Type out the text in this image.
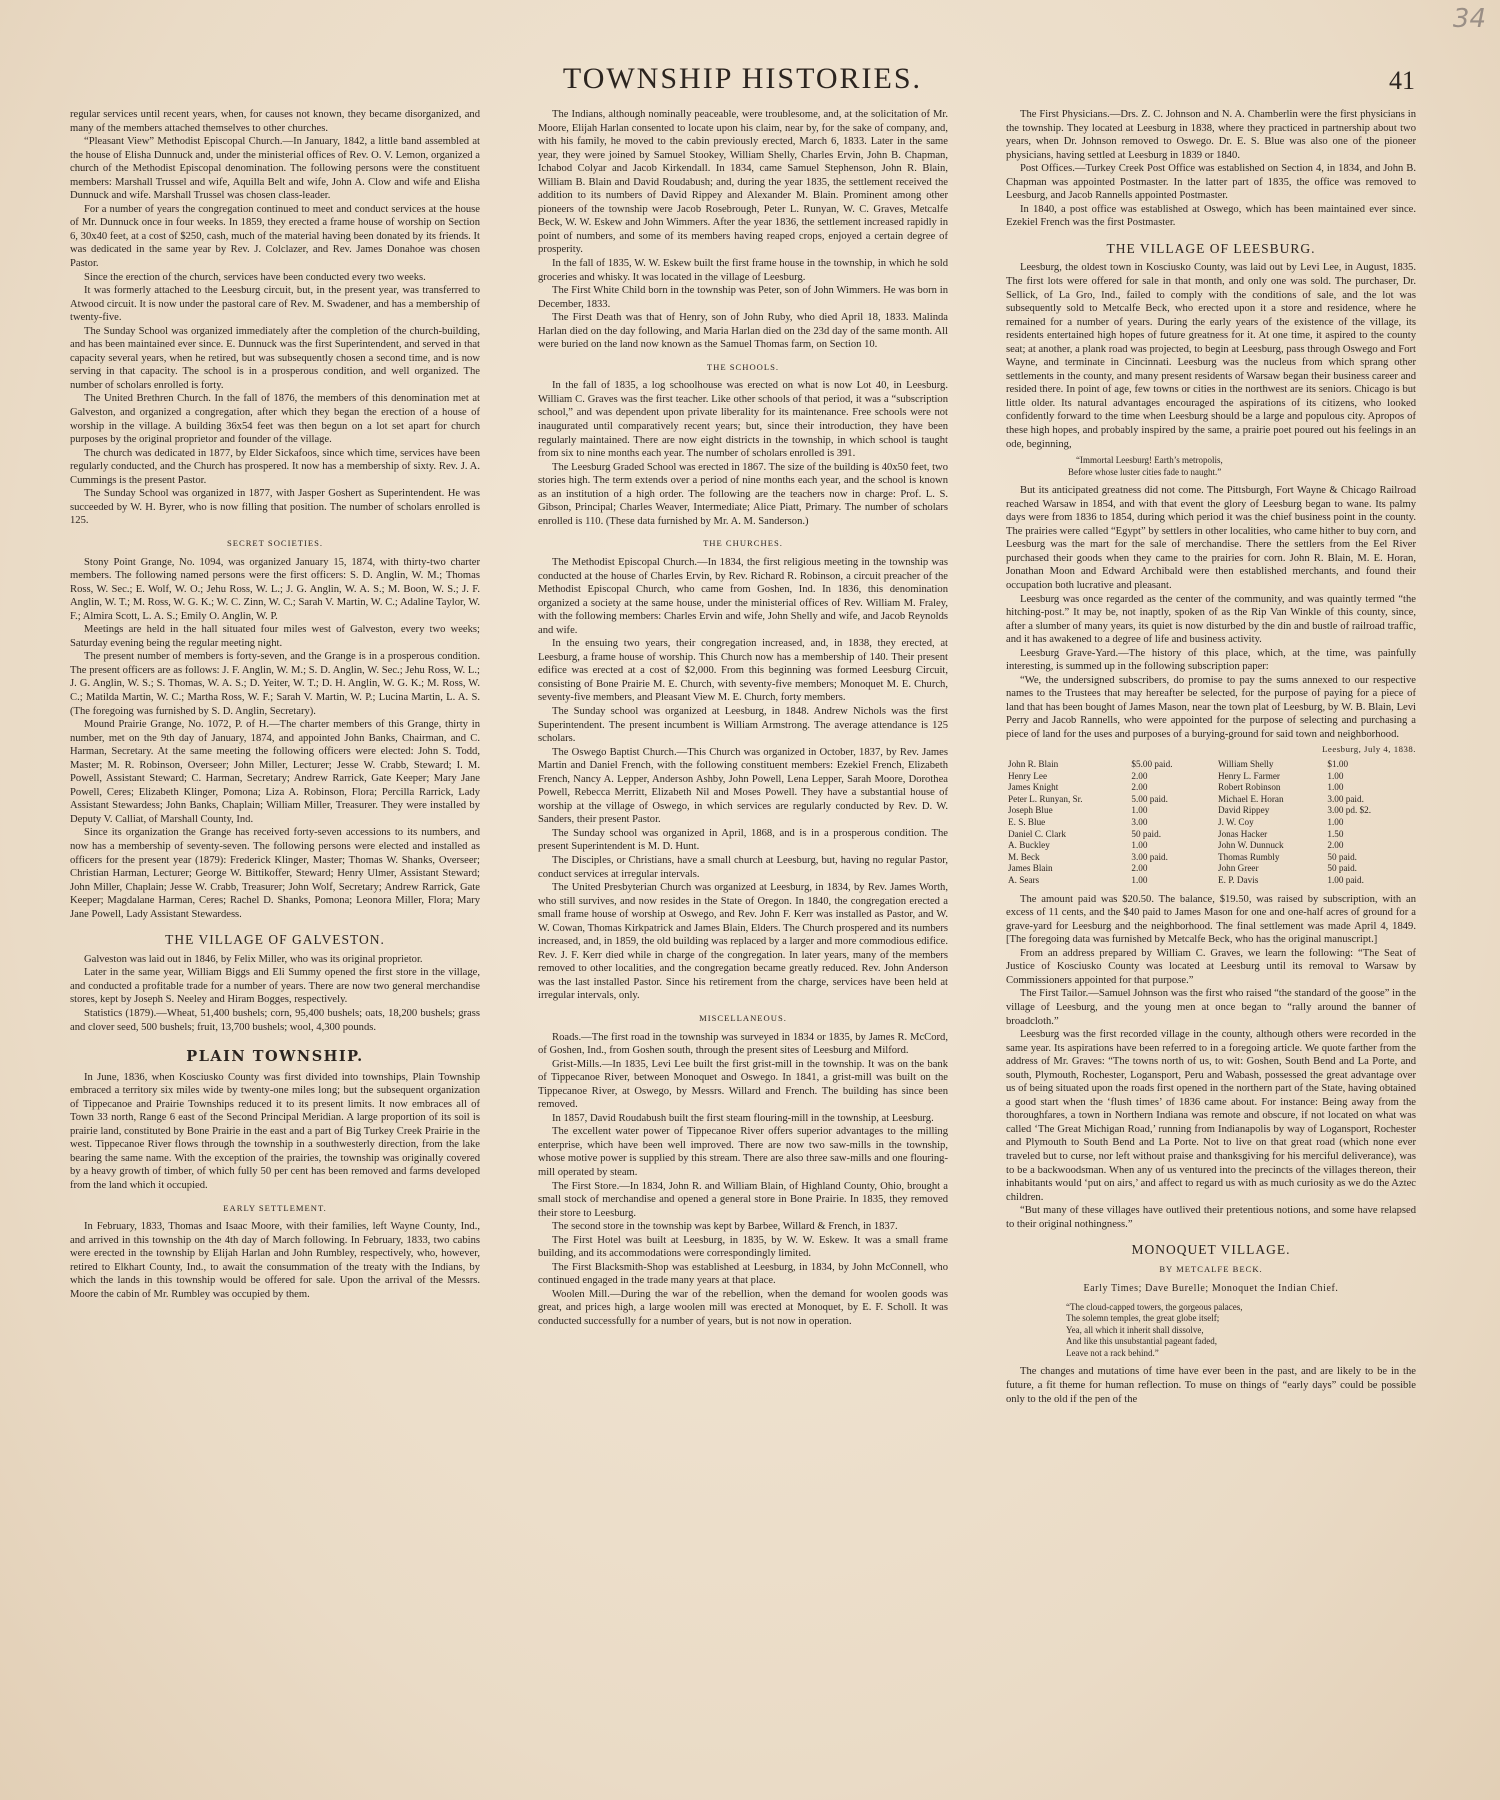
34
TOWNSHIP HISTORIES.	41

regular services until recent years, when, for causes not known, they became disorganized, and many of the members attached themselves to other churches.

“Pleasant View” Methodist Episcopal Church.—In January, 1842, a little band assembled at the house of Elisha Dunnuck and, under the ministerial offices of Rev. O. V. Lemon, organized a church of the Methodist Episcopal denomination. The following persons were the constituent members: Marshall Trussel and wife, Aquilla Belt and wife, John A. Clow and wife and Elisha Dunnuck and wife. Marshall Trussel was chosen class-leader.

For a number of years the congregation continued to meet and conduct services at the house of Mr. Dunnuck once in four weeks. In 1859, they erected a frame house of worship on Section 6, 30x40 feet, at a cost of $250, cash, much of the material having been donated by its friends. It was dedicated in the same year by Rev. J. Colclazer, and Rev. James Donahoe was chosen Pastor.

Since the erection of the church, services have been conducted every two weeks.

It was formerly attached to the Leesburg circuit, but, in the present year, was transferred to Atwood circuit. It is now under the pastoral care of Rev. M. Swadener, and has a membership of twenty-five.

The Sunday School was organized immediately after the completion of the church-building, and has been maintained ever since. E. Dunnuck was the first Superintendent, and served in that capacity several years, when he retired, but was subsequently chosen a second time, and is now serving in that capacity. The school is in a prosperous condition, and well organized. The number of scholars enrolled is forty.

The United Brethren Church. In the fall of 1876, the members of this denomination met at Galveston, and organized a congregation, after which they began the erection of a house of worship in the village. A building 36x54 feet was then begun on a lot set apart for church purposes by the original proprietor and founder of the village.

The church was dedicated in 1877, by Elder Sickafoos, since which time, services have been regularly conducted, and the Church has prospered. It now has a membership of sixty. Rev. J. A. Cummings is the present Pastor.

The Sunday School was organized in 1877, with Jasper Goshert as Superintendent. He was succeeded by W. H. Byrer, who is now filling that position. The number of scholars enrolled is 125.

SECRET SOCIETIES.

Stony Point Grange, No. 1094, was organized January 15, 1874, with thirty-two charter members. The following named persons were the first officers: S. D. Anglin, W. M.; Thomas Ross, W. Sec.; E. Wolf, W. O.; Jehu Ross, W. L.; J. G. Anglin, W. A. S.; M. Boon, W. S.; J. F. Anglin, W. T.; M. Ross, W. G. K.; W. C. Zinn, W. C.; Sarah V. Martin, W. C.; Adaline Taylor, W. F.; Almira Scott, L. A. S.; Emily O. Anglin, W. P.

Meetings are held in the hall situated four miles west of Galveston, every two weeks; Saturday evening being the regular meeting night.

The present number of members is forty-seven, and the Grange is in a prosperous condition. The present officers are as follows: J. F. Anglin, W. M.; S. D. Anglin, W. Sec.; Jehu Ross, W. L.; J. G. Anglin, W. S.; S. Thomas, W. A. S.; D. Yeiter, W. T.; D. H. Anglin, W. G. K.; M. Ross, W. C.; Matilda Martin, W. C.; Martha Ross, W. F.; Sarah V. Martin, W. P.; Lucina Martin, L. A. S. (The foregoing was furnished by S. D. Anglin, Secretary).

Mound Prairie Grange, No. 1072, P. of H.—The charter members of this Grange, thirty in number, met on the 9th day of January, 1874, and appointed John Banks, Chairman, and C. Harman, Secretary. At the same meeting the following officers were elected: John S. Todd, Master; M. R. Robinson, Overseer; John Miller, Lecturer; Jesse W. Crabb, Steward; I. M. Powell, Assistant Steward; C. Harman, Secretary; Andrew Rarrick, Gate Keeper; Mary Jane Powell, Ceres; Elizabeth Klinger, Pomona; Liza A. Robinson, Flora; Percilla Rarrick, Lady Assistant Stewardess; John Banks, Chaplain; William Miller, Treasurer. They were installed by Deputy V. Calliat, of Marshall County, Ind.

Since its organization the Grange has received forty-seven accessions to its numbers, and now has a membership of seventy-seven. The following persons were elected and installed as officers for the present year (1879): Frederick Klinger, Master; Thomas W. Shanks, Overseer; Christian Harman, Lecturer; George W. Bittikoffer, Steward; Henry Ulmer, Assistant Steward; John Miller, Chaplain; Jesse W. Crabb, Treasurer; John Wolf, Secretary; Andrew Rarrick, Gate Keeper; Magdalane Harman, Ceres; Rachel D. Shanks, Pomona; Leonora Miller, Flora; Mary Jane Powell, Lady Assistant Stewardess.

THE VILLAGE OF GALVESTON.

Galveston was laid out in 1846, by Felix Miller, who was its original proprietor.

Later in the same year, William Biggs and Eli Summy opened the first store in the village, and conducted a profitable trade for a number of years. There are now two general merchandise stores, kept by Joseph S. Neeley and Hiram Bogges, respectively.

Statistics (1879).—Wheat, 51,400 bushels; corn, 95,400 bushels; oats, 18,200 bushels; grass and clover seed, 500 bushels; fruit, 13,700 bushels; wool, 4,300 pounds.

PLAIN TOWNSHIP.

In June, 1836, when Kosciusko County was first divided into townships, Plain Township embraced a territory six miles wide by twenty-one miles long; but the subsequent organization of Tippecanoe and Prairie Townships reduced it to its present limits. It now embraces all of Town 33 north, Range 6 east of the Second Principal Meridian. A large proportion of its soil is prairie land, constituted by Bone Prairie in the east and a part of Big Turkey Creek Prairie in the west. Tippecanoe River flows through the township in a southwesterly direction, from the lake bearing the same name. With the exception of the prairies, the township was originally covered by a heavy growth of timber, of which fully 50 per cent has been removed and farms developed from the land which it occupied.

EARLY SETTLEMENT.

In February, 1833, Thomas and Isaac Moore, with their families, left Wayne County, Ind., and arrived in this township on the 4th day of March following. In February, 1833, two cabins were erected in the township by Elijah Harlan and John Rumbley, respectively, who, however, retired to Elkhart County, Ind., to await the consummation of the treaty with the Indians, by which the lands in this township would be offered for sale. Upon the arrival of the Messrs. Moore the cabin of Mr. Rumbley was occupied by them.

The Indians, although nominally peaceable, were troublesome, and, at the solicitation of Mr. Moore, Elijah Harlan consented to locate upon his claim, near by, for the sake of company, and, with his family, he moved to the cabin previously erected, March 6, 1833. Later in the same year, they were joined by Samuel Stookey, William Shelly, Charles Ervin, John B. Chapman, Ichabod Colyar and Jacob Kirkendall. In 1834, came Samuel Stephenson, John R. Blain, William B. Blain and David Roudabush; and, during the year 1835, the settlement received the addition to its numbers of David Rippey and Alexander M. Blain. Prominent among other pioneers of the township were Jacob Rosebrough, Peter L. Runyan, W. C. Graves, Metcalfe Beck, W. W. Eskew and John Wimmers. After the year 1836, the settlement increased rapidly in point of numbers, and some of its members having reaped crops, enjoyed a certain degree of prosperity.

In the fall of 1835, W. W. Eskew built the first frame house in the township, in which he sold groceries and whisky. It was located in the village of Leesburg.

The First White Child born in the township was Peter, son of John Wimmers. He was born in December, 1833.

The First Death was that of Henry, son of John Ruby, who died April 18, 1833. Malinda Harlan died on the day following, and Maria Harlan died on the 23d day of the same month. All were buried on the land now known as the Samuel Thomas farm, on Section 10.

THE SCHOOLS.

In the fall of 1835, a log schoolhouse was erected on what is now Lot 40, in Leesburg. William C. Graves was the first teacher. Like other schools of that period, it was a “subscription school,” and was dependent upon private liberality for its maintenance. Free schools were not inaugurated until comparatively recent years; but, since their introduction, they have been regularly maintained. There are now eight districts in the township, in which school is taught from six to nine months each year. The number of scholars enrolled is 391.

The Leesburg Graded School was erected in 1867. The size of the building is 40x50 feet, two stories high. The term extends over a period of nine months each year, and the school is known as an institution of a high order. The following are the teachers now in charge: Prof. L. S. Gibson, Principal; Charles Weaver, Intermediate; Alice Piatt, Primary. The number of scholars enrolled is 110. (These data furnished by Mr. A. M. Sanderson.)

THE CHURCHES.

The Methodist Episcopal Church.—In 1834, the first religious meeting in the township was conducted at the house of Charles Ervin, by Rev. Richard R. Robinson, a circuit preacher of the Methodist Episcopal Church, who came from Goshen, Ind. In 1836, this denomination organized a society at the same house, under the ministerial offices of Rev. William M. Fraley, with the following members: Charles Ervin and wife, John Shelly and wife, and Jacob Reynolds and wife.

In the ensuing two years, their congregation increased, and, in 1838, they erected, at Leesburg, a frame house of worship. This Church now has a membership of 140. Their present edifice was erected at a cost of $2,000. From this beginning was formed Leesburg Circuit, consisting of Bone Prairie M. E. Church, with seventy-five members; Monoquet M. E. Church, seventy-five members, and Pleasant View M. E. Church, forty members.

The Sunday school was organized at Leesburg, in 1848. Andrew Nichols was the first Superintendent. The present incumbent is William Armstrong. The average attendance is 125 scholars.

The Oswego Baptist Church.—This Church was organized in October, 1837, by Rev. James Martin and Daniel French, with the following constituent members: Ezekiel French, Elizabeth French, Nancy A. Lepper, Anderson Ashby, John Powell, Lena Lepper, Sarah Moore, Dorothea Powell, Rebecca Merritt, Elizabeth Nil and Moses Powell. They have a substantial house of worship at the village of Oswego, in which services are regularly conducted by Rev. D. W. Sanders, their present Pastor.

The Sunday school was organized in April, 1868, and is in a prosperous condition. The present Superintendent is M. D. Hunt.

The Disciples, or Christians, have a small church at Leesburg, but, having no regular Pastor, conduct services at irregular intervals.

The United Presbyterian Church was organized at Leesburg, in 1834, by Rev. James Worth, who still survives, and now resides in the State of Oregon. In 1840, the congregation erected a small frame house of worship at Oswego, and Rev. John F. Kerr was installed as Pastor, and W. W. Cowan, Thomas Kirkpatrick and James Blain, Elders. The Church prospered and its numbers increased, and, in 1859, the old building was replaced by a larger and more commodious edifice. Rev. J. F. Kerr died while in charge of the congregation. In later years, many of the members removed to other localities, and the congregation became greatly reduced. Rev. John Anderson was the last installed Pastor. Since his retirement from the charge, services have been held at irregular intervals, only.

MISCELLANEOUS.

Roads.—The first road in the township was surveyed in 1834 or 1835, by James R. McCord, of Goshen, Ind., from Goshen south, through the present sites of Leesburg and Milford.

Grist-Mills.—In 1835, Levi Lee built the first grist-mill in the township. It was on the bank of Tippecanoe River, between Monoquet and Oswego. In 1841, a grist-mill was built on the Tippecanoe River, at Oswego, by Messrs. Willard and French. The building has since been removed.

In 1857, David Roudabush built the first steam flouring-mill in the township, at Leesburg.

The excellent water power of Tippecanoe River offers superior advantages to the milling enterprise, which have been well improved. There are now two saw-mills in the township, whose motive power is supplied by this stream. There are also three saw-mills and one flouring-mill operated by steam.

The First Store.—In 1834, John R. and William Blain, of Highland County, Ohio, brought a small stock of merchandise and opened a general store in Bone Prairie. In 1835, they removed their store to Leesburg.

The second store in the township was kept by Barbee, Willard & French, in 1837.

The First Hotel was built at Leesburg, in 1835, by W. W. Eskew. It was a small frame building, and its accommodations were correspondingly limited.

The First Blacksmith-Shop was established at Leesburg, in 1834, by John McConnell, who continued engaged in the trade many years at that place.

Woolen Mill.—During the war of the rebellion, when the demand for woolen goods was great, and prices high, a large woolen mill was erected at Monoquet, by E. F. Scholl. It was conducted successfully for a number of years, but is not now in operation.

The First Physicians.—Drs. Z. C. Johnson and N. A. Chamberlin were the first physicians in the township. They located at Leesburg in 1838, where they practiced in partnership about two years, when Dr. Johnson removed to Oswego. Dr. E. S. Blue was also one of the pioneer physicians, having settled at Leesburg in 1839 or 1840.

Post Offices.—Turkey Creek Post Office was established on Section 4, in 1834, and John B. Chapman was appointed Postmaster. In the latter part of 1835, the office was removed to Leesburg, and Jacob Rannells appointed Postmaster.

In 1840, a post office was established at Oswego, which has been maintained ever since. Ezekiel French was the first Postmaster.

THE VILLAGE OF LEESBURG.

Leesburg, the oldest town in Kosciusko County, was laid out by Levi Lee, in August, 1835. The first lots were offered for sale in that month, and only one was sold. The purchaser, Dr. Sellick, of La Gro, Ind., failed to comply with the conditions of sale, and the lot was subsequently sold to Metcalfe Beck, who erected upon it a store and residence, where he remained for a number of years. During the early years of the existence of the village, its residents entertained high hopes of future greatness for it. At one time, it aspired to the county seat; at another, a plank road was projected, to begin at Leesburg, pass through Oswego and Fort Wayne, and terminate in Cincinnati. Leesburg was the nucleus from which sprang other settlements in the county, and many present residents of Warsaw began their business career and resided there. In point of age, few towns or cities in the northwest are its seniors. Chicago is but little older. Its natural advantages encouraged the aspirations of its citizens, who looked confidently forward to the time when Leesburg should be a large and populous city. Apropos of these high hopes, and probably inspired by the same, a prairie poet poured out his feelings in an ode, beginning,

“Immortal Leesburg! Earth’s metropolis,
Before whose luster cities fade to naught.”

But its anticipated greatness did not come. The Pittsburgh, Fort Wayne & Chicago Railroad reached Warsaw in 1854, and with that event the glory of Leesburg began to wane. Its palmy days were from 1836 to 1854, during which period it was the chief business point in the county. The prairies were called “Egypt” by settlers in other localities, who came hither to buy corn, and Leesburg was the mart for the sale of merchandise. There the settlers from the Eel River purchased their goods when they came to the prairies for corn. John R. Blain, M. E. Horan, Jonathan Moon and Edward Archibald were then established merchants, and found their occupation both lucrative and pleasant.

Leesburg was once regarded as the center of the community, and was quaintly termed “the hitching-post.” It may be, not inaptly, spoken of as the Rip Van Winkle of this county, since, after a slumber of many years, its quiet is now disturbed by the din and bustle of railroad traffic, and it has awakened to a degree of life and business activity.

Leesburg Grave-Yard.—The history of this place, which, at the time, was painfully interesting, is summed up in the following subscription paper:

“We, the undersigned subscribers, do promise to pay the sums annexed to our respective names to the Trustees that may hereafter be selected, for the purpose of paying for a piece of land that has been bought of James Mason, near the town plat of Leesburg, by W. B. Blain, Levi Perry and Jacob Rannells, who were appointed for the purpose of selecting and purchasing a piece of land for the uses and purposes of a burying-ground for said town and neighborhood.

Leesburg, July 4, 1838.
John R. Blain	$5.00 paid.	William Shelly	$1.00
Henry Lee	2.00	Henry L. Farmer	1.00
James Knight	2.00	Robert Robinson	1.00
Peter L. Runyan, Sr.	5.00 paid.	Michael E. Horan	3.00 paid.
Joseph Blue	1.00	David Rippey	3.00 pd. $2.
E. S. Blue	3.00	J. W. Coy	1.00
Daniel C. Clark	50 paid.	Jonas Hacker	1.50
A. Buckley	1.00	John W. Dunnuck	2.00
M. Beck	3.00 paid.	Thomas Rumbly	50 paid.
James Blain	2.00	John Greer	50 paid.
A. Sears	1.00	E. P. Davis	1.00 paid.

The amount paid was $20.50. The balance, $19.50, was raised by subscription, with an excess of 11 cents, and the $40 paid to James Mason for one and one-half acres of ground for a grave-yard for Leesburg and the neighborhood. The final settlement was made April 4, 1849. [The foregoing data was furnished by Metcalfe Beck, who has the original manuscript.]

From an address prepared by William C. Graves, we learn the following: “The Seat of Justice of Kosciusko County was located at Leesburg until its removal to Warsaw by Commissioners appointed for that purpose.”

The First Tailor.—Samuel Johnson was the first who raised “the standard of the goose” in the village of Leesburg, and the young men at once began to “rally around the banner of broadcloth.”

Leesburg was the first recorded village in the county, although others were recorded in the same year. Its aspirations have been referred to in a foregoing article. We quote farther from the address of Mr. Graves: “The towns north of us, to wit: Goshen, South Bend and La Porte, and south, Plymouth, Rochester, Logansport, Peru and Wabash, possessed the great advantage over us of being situated upon the roads first opened in the northern part of the State, having obtained a good start when the ‘flush times’ of 1836 came about. For instance: Being away from the thoroughfares, a town in Northern Indiana was remote and obscure, if not located on what was called ‘The Great Michigan Road,’ running from Indianapolis by way of Logansport, Rochester and Plymouth to South Bend and La Porte. Not to live on that great road (which none ever traveled but to curse, nor left without praise and thanksgiving for his merciful deliverance), was to be a backwoodsman. When any of us ventured into the precincts of the villages thereon, their inhabitants would ‘put on airs,’ and affect to regard us with as much curiosity as we do the Aztec children.

“But many of these villages have outlived their pretentious notions, and some have relapsed to their original nothingness.”

MONOQUET VILLAGE.
BY METCALFE BECK.
Early Times; Dave Burelle; Monoquet the Indian Chief.
“The cloud-capped towers, the gorgeous palaces,
The solemn temples, the great globe itself;
Yea, all which it inherit shall dissolve,
And like this unsubstantial pageant faded,
Leave not a rack behind.”

The changes and mutations of time have ever been in the past, and are likely to be in the future, a fit theme for human reflection. To muse on things of “early days” could be possible only to the old if the pen of the
